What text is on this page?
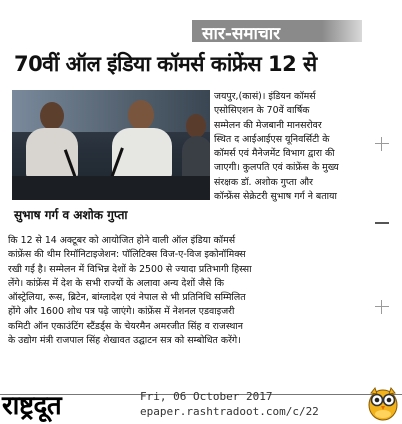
सार-समाचार
70वीं ऑल इंडिया कॉमर्स कांफ्रेंस 12 से
सुभाष गर्ग व अशोक गुप्ता
जयपुर,(कासं)। इंडियन कॉमर्स
एसोसिएशन के 70वें वार्षिक
सम्मेलन की मेजबानी मानसरोवर
स्थित द आईआईएस यूनिवर्सिटी के
कॉमर्स एवं मैनेजमेंट विभाग द्वारा की
जाएगी। कुलपति एवं कांफ्रेंस के मुख्य
संरक्षक डॉ. अशोक गुप्ता और
कॉन्फ्रेंस सेक्रेटरी सुभाष गर्ग ने बताया
कि 12 से 14 अक्टूबर को आयोजित होने वाली ऑल इंडिया कॉमर्स
कांफ्रेंस की थीम रिमॉनिटाइजेशन: पॉलिटिक्स विज-ए-विज इकोनॉमिक्स
रखी गई है। सम्मेलन में विभिन्न देशों के 2500 से ज्यादा प्रतिभागी हिस्सा
लेंगे। कांफ्रेंस में देश के सभी राज्यों के अलावा अन्य देशों जैसे कि
ऑस्ट्रेलिया, रूस, ब्रिटेन, बांग्लादेश एवं नेपाल से भी प्रतिनिधि सम्मिलित
होंगे और 1600 शोध पत्र पढ़े जाएंगे। कांफ्रेंस में नेशनल एडवाइजरी
कमिटी ऑन एकाउंटिंग स्टैंडर्ड्स के चेयरमैन अमरजीत सिंह व राजस्थान
के उद्योग मंत्री राजपाल सिंह शेखावत उद्घाटन सत्र को सम्बोधित करेंगे।
राष्ट्रदूत	Fri, 06 October 2017
epaper.rashtradoot.com/c/22
